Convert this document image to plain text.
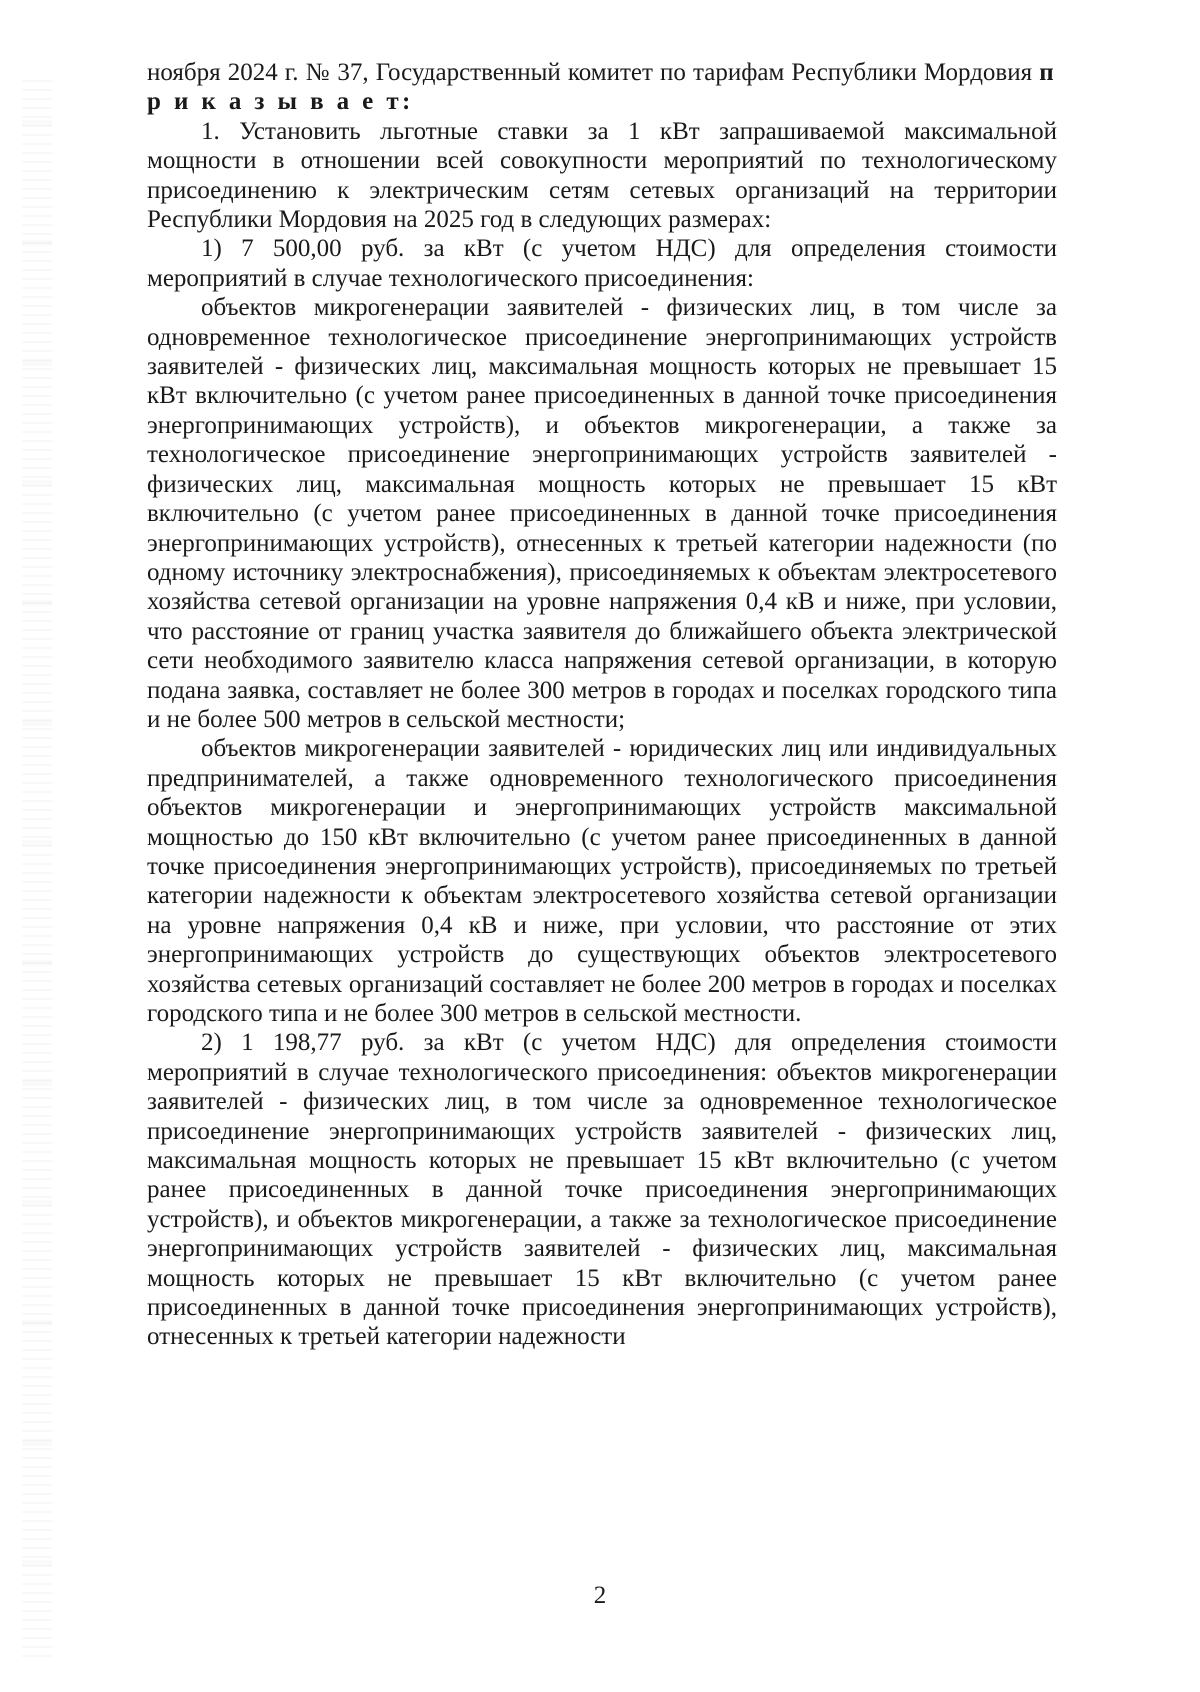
ноября 2024 г. № 37, Государственный комитет по тарифам Республики Мордовия п р и к а з ы в а е т:

1. Установить льготные ставки за 1 кВт запрашиваемой максимальной мощности в отношении всей совокупности мероприятий по технологическому присоединению к электрическим сетям сетевых организаций на территории Республики Мордовия на 2025 год в следующих размерах:

1) 7 500,00 руб. за кВт (с учетом НДС) для определения стоимости мероприятий в случае технологического присоединения:

объектов микрогенерации заявителей - физических лиц, в том числе за одновременное технологическое присоединение энергопринимающих устройств заявителей - физических лиц, максимальная мощность которых не превышает 15 кВт включительно (с учетом ранее присоединенных в данной точке присоединения энергопринимающих устройств), и объектов микрогенерации, а также за технологическое присоединение энергопринимающих устройств заявителей - физических лиц, максимальная мощность которых не превышает 15 кВт включительно (с учетом ранее присоединенных в данной точке присоединения энергопринимающих устройств), отнесенных к третьей категории надежности (по одному источнику электроснабжения), присоединяемых к объектам электросетевого хозяйства сетевой организации на уровне напряжения 0,4 кВ и ниже, при условии, что расстояние от границ участка заявителя до ближайшего объекта электрической сети необходимого заявителю класса напряжения сетевой организации, в которую подана заявка, составляет не более 300 метров в городах и поселках городского типа и не более 500 метров в сельской местности;

объектов микрогенерации заявителей - юридических лиц или индивидуальных предпринимателей, а также одновременного технологического присоединения объектов микрогенерации и энергопринимающих устройств максимальной мощностью до 150 кВт включительно (с учетом ранее присоединенных в данной точке присоединения энергопринимающих устройств), присоединяемых по третьей категории надежности к объектам электросетевого хозяйства сетевой организации на уровне напряжения 0,4 кВ и ниже, при условии, что расстояние от этих энергопринимающих устройств до существующих объектов электросетевого хозяйства сетевых организаций составляет не более 200 метров в городах и поселках городского типа и не более 300 метров в сельской местности.

2) 1 198,77 руб. за кВт (с учетом НДС) для определения стоимости мероприятий в случае технологического присоединения: объектов микрогенерации заявителей - физических лиц, в том числе за одновременное технологическое присоединение энергопринимающих устройств заявителей - физических лиц, максимальная мощность которых не превышает 15 кВт включительно (с учетом ранее присоединенных в данной точке присоединения энергопринимающих устройств), и объектов микрогенерации, а также за технологическое присоединение энергопринимающих устройств заявителей - физических лиц, максимальная мощность которых не превышает 15 кВт включительно (с учетом ранее присоединенных в данной точке присоединения энергопринимающих устройств), отнесенных к третьей категории надежности

2
